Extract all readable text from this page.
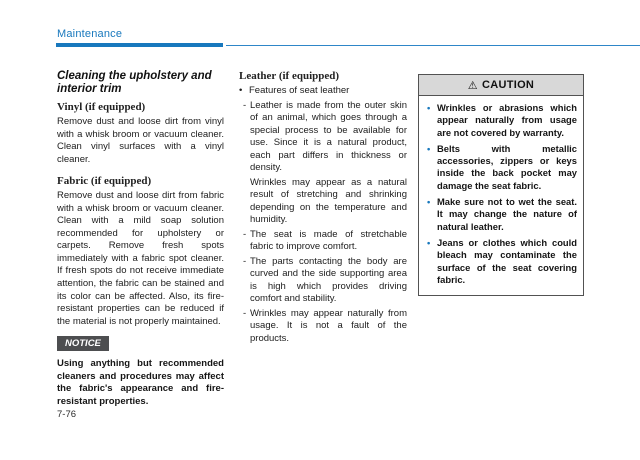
Maintenance
Cleaning the upholstery and interior trim
Vinyl (if equipped)

Remove dust and loose dirt from vinyl with a whisk broom or vacuum cleaner. Clean vinyl surfaces with a vinyl cleaner.

Fabric (if equipped)

Remove dust and loose dirt from fabric with a whisk broom or vacuum cleaner. Clean with a mild soap solution recommended for upholstery or carpets. Remove fresh spots immediately with a fabric spot cleaner. If fresh spots do not receive immediate attention, the fabric can be stained and its color can be affected. Also, its fire-resistant properties can be reduced if the material is not properly maintained.

NOTICE

Using anything but recommended cleaners and procedures may affect the fabric's appearance and fire-resistant properties.

Leather (if equipped)
• Features of seat leather

- Leather is made from the outer skin of an animal, which goes through a special process to be available for use. Since it is a natural product, each part differs in thickness or density.

Wrinkles may appear as a natural result of stretching and shrinking depending on the temperature and humidity.

- The seat is made of stretchable fabric to improve comfort.

- The parts contacting the body are curved and the side supporting area is high which provides driving comfort and stability.

- Wrinkles may appear naturally from usage. It is not a fault of the products.

⚠ CAUTION
• Wrinkles or abrasions which appear naturally from usage are not covered by warranty.
• Belts with metallic accessories, zippers or keys inside the back pocket may damage the seat fabric.
• Make sure not to wet the seat. It may change the nature of natural leather.
• Jeans or clothes which could bleach may contaminate the surface of the seat covering fabric.
7-76
